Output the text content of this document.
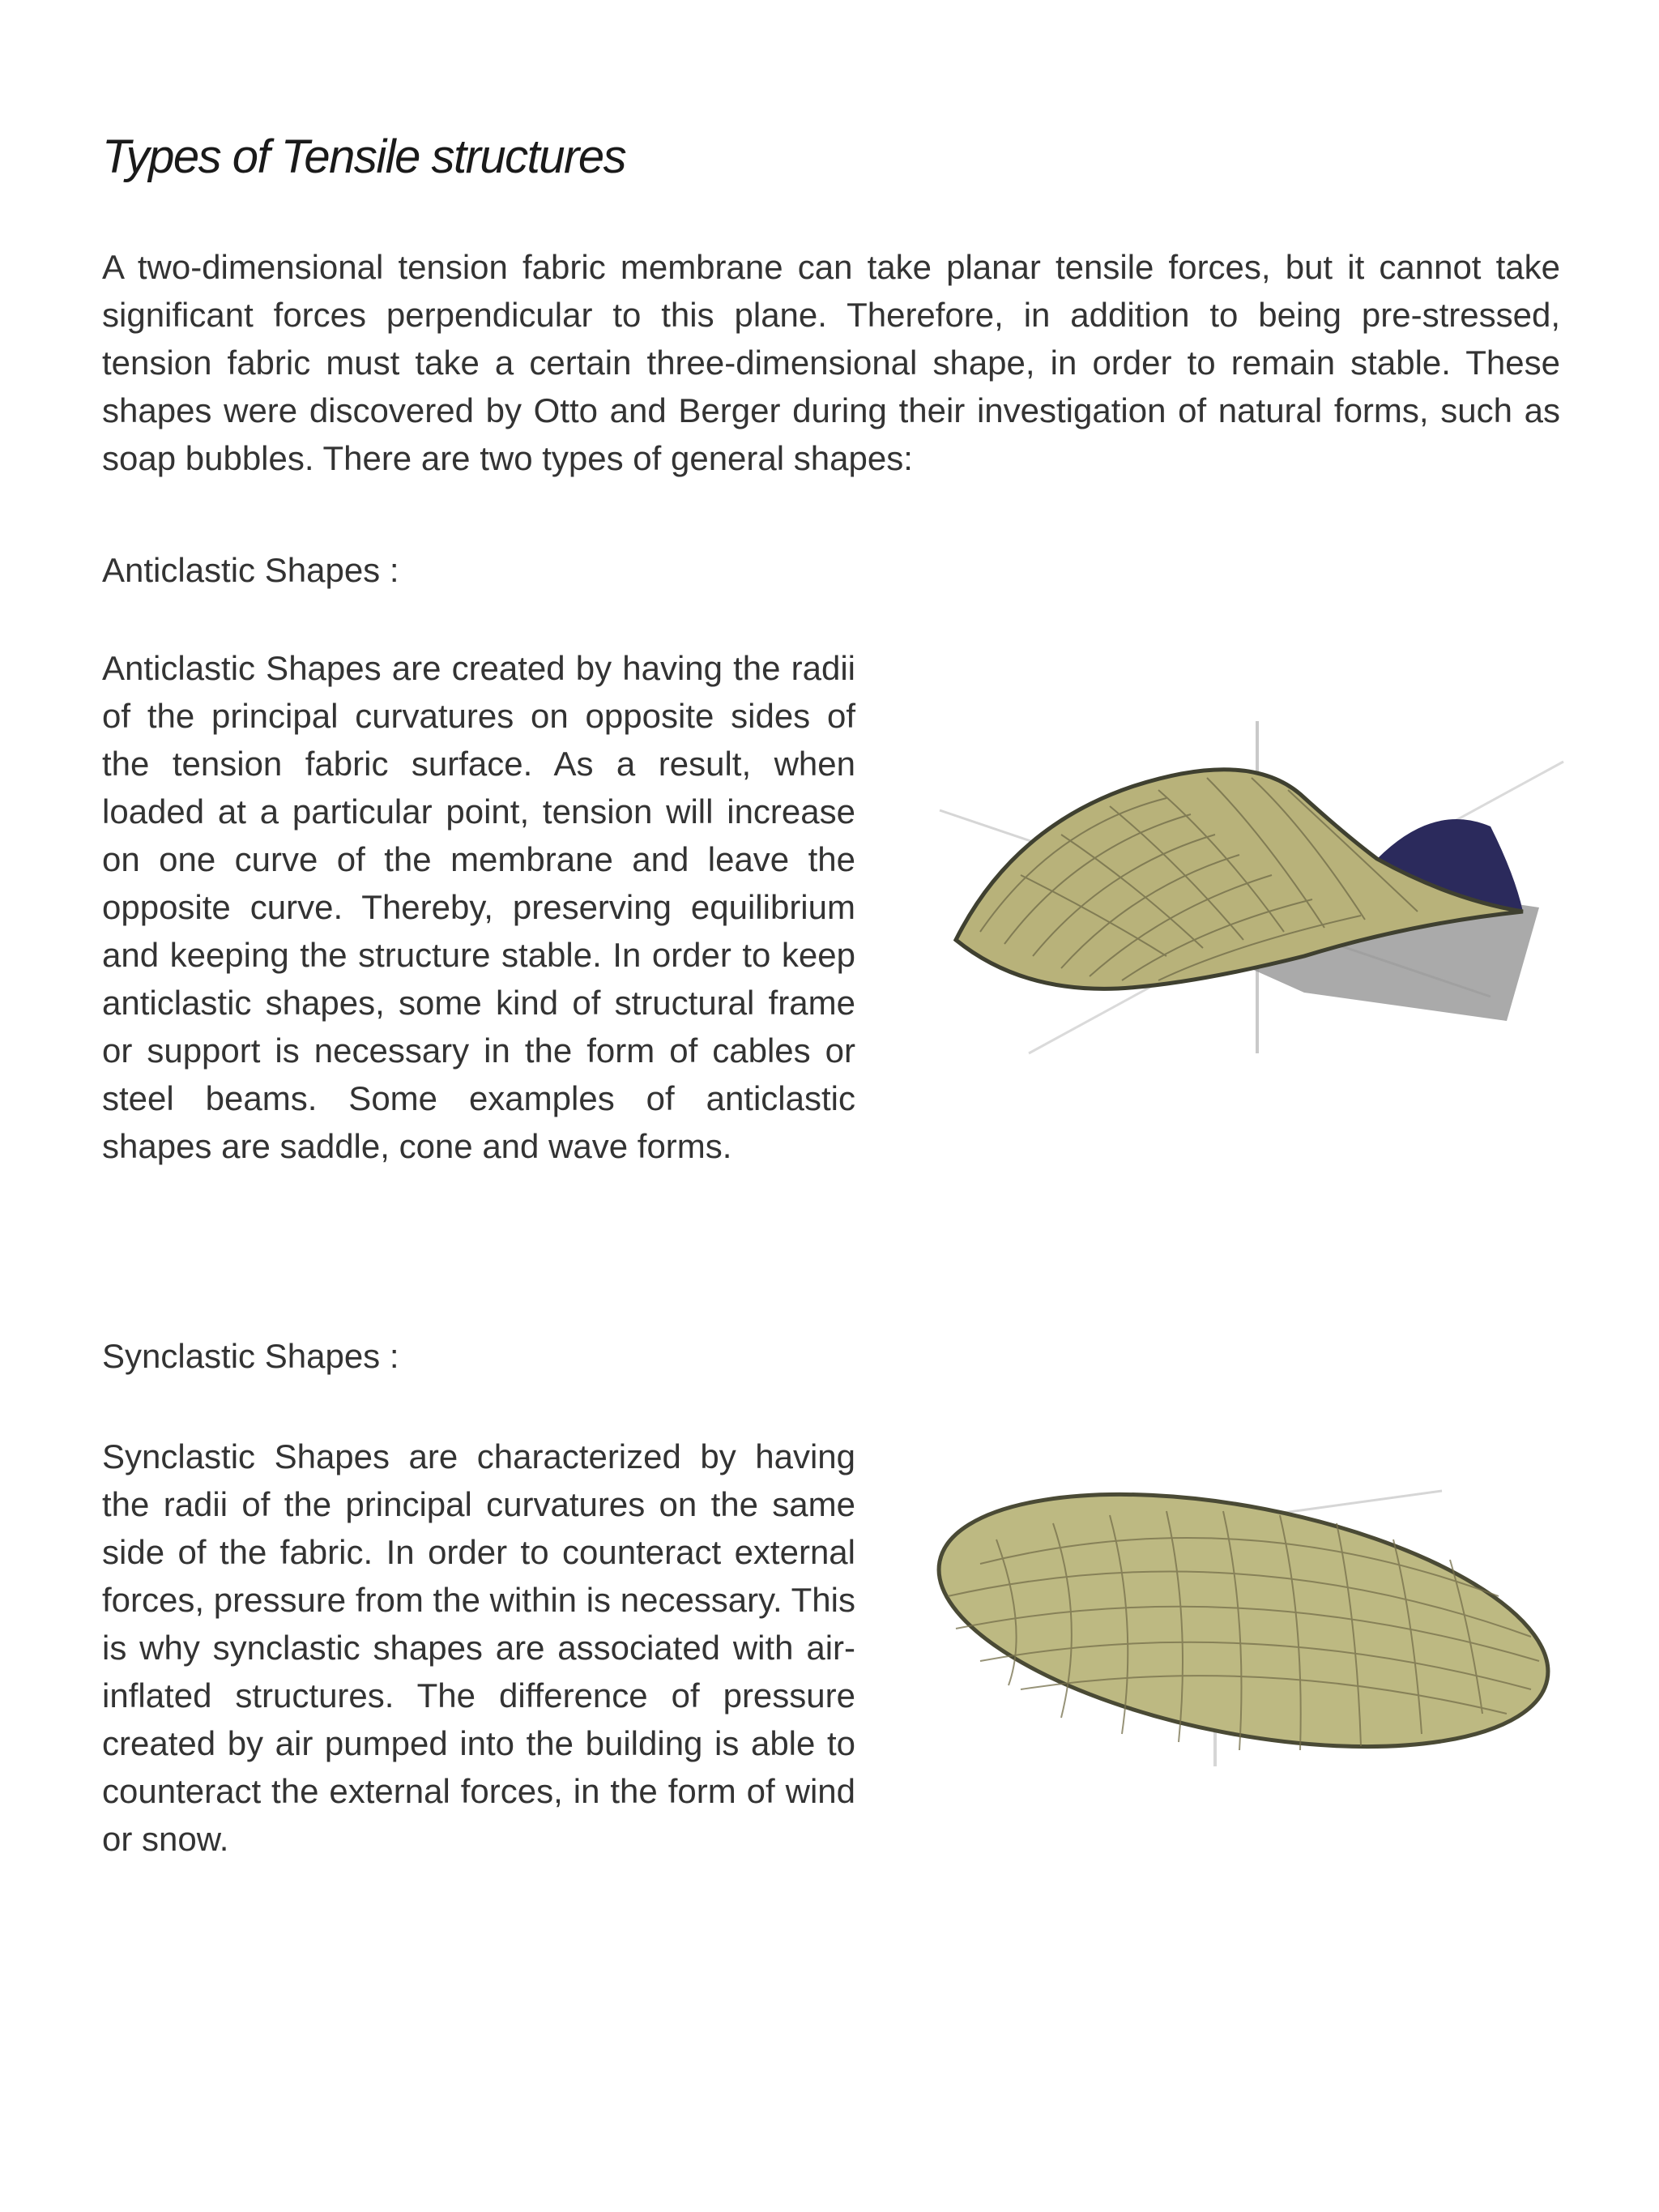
Types of Tensile structures

A two-dimensional tension fabric membrane can take planar tensile forces, but it cannot take significant forces perpendicular to this plane. Therefore, in addition to being pre-stressed, tension fabric must take a certain three-dimensional shape, in order to remain stable. These shapes were discovered by Otto and Berger during their investigation of natural forms, such as soap bubbles. There are two types of general shapes:

Anticlastic Shapes :

Anticlastic Shapes are created by having the radii of the principal curvatures on opposite sides of the tension fabric surface. As a result, when loaded at a particular point, tension will increase on one curve of the membrane and leave the opposite curve. Thereby, preserving equilibrium and keeping the structure stable. In order to keep anticlastic shapes, some kind of structural frame or support is necessary in the form of cables or steel beams. Some examples of anticlastic shapes are saddle, cone and wave forms.

Synclastic Shapes :

Synclastic Shapes are characterized by having the radii of the principal curvatures on the same side of the fabric. In order to counteract external forces, pressure from the within is necessary. This is why synclastic shapes are associated with air-inflated structures. The difference of pressure created by air pumped into the building is able to counteract the external forces, in the form of wind or snow.
